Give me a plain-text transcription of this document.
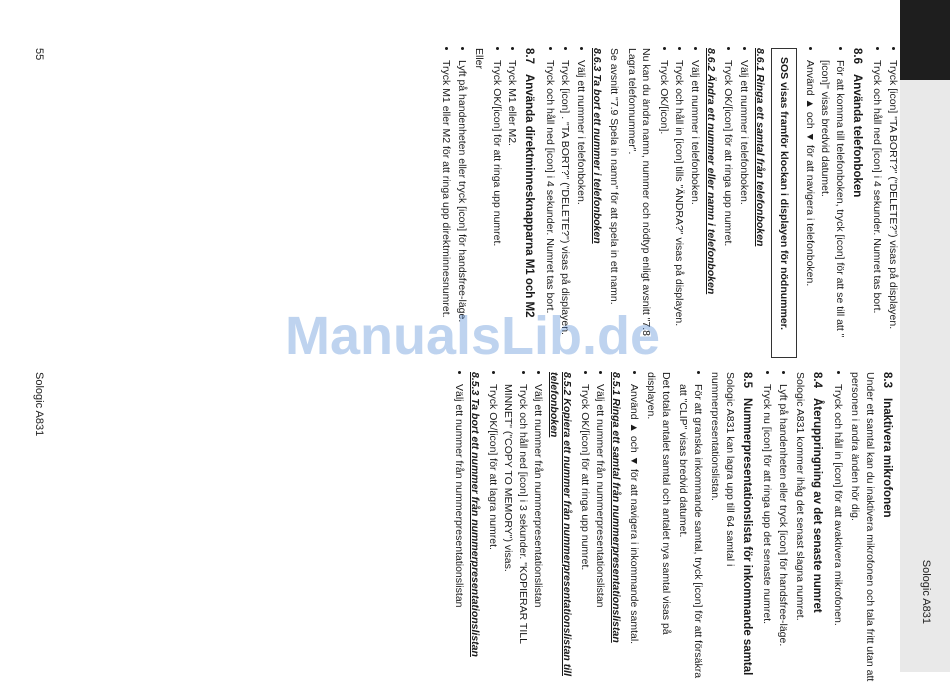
Sologic A831
• Tryck [icon] "TA BORT?" ("DELETE?") visas på displayen.
• Tryck och håll ned [icon] i 4 sekunder. Numret tas bort.
8.6Använda telefonboken
• För att komma till telefonboken, tryck [icon] för att se till att "[icon]" visas bredvid datumet.
• Använd ▲ och ▼ för att navigera i telefonboken.
SOS visas framför klockan i displayen för nödnummer.
8.6.1 Ringa ett samtal från telefonboken
• Välj ett nummer i telefonboken.
• Tryck OK/[icon] för att ringa upp numret.
8.6.2 Ändra ett nummer eller namn i telefonboken
• Välj ett nummer i telefonboken.
• Tryck och håll in [icon] tills "ÄNDRA?" visas på displayen.
• Tryck OK/[icon].

Nu kan du ändra namn, nummer och nödtyp enligt avsnitt "7.8 Lagra telefonnummer".

Se avsnitt "7.9 Spela in namn" för att spela in ett namn.

8.6.3 Ta bort ett nummer i telefonboken
• Välj ett nummer i telefonboken.
• Tryck [icon] . "TA BORT?" ("DELETE?") visas på displayen.
• Tryck och håll ned [icon] i 4 sekunder. Numret tas bort.
8.7Använda direktminnesknapparna M1 och M2
• Tryck M1 eller M2.
• Tryck OK/[icon] för att ringa upp numret.

Eller

• Lyft på handenheten eller tryck [icon] för handsfree-läge.
• Tryck M1 eller M2 för att ringa upp direktminnesnumret.
8.3Inaktivera mikrofonen

Under ett samtal kan du inaktivera mikrofonen och tala fritt utan att personen i andra änden hör dig.

• Tryck och håll in [icon] för att avaktivera mikrofonen.
8.4Återuppringning av det senaste numret

Sologic A831 kommer ihåg det senast slagna numret.

• Lyft på handenheten eller tryck [icon] för handsfree-läge.
• Tryck nu [icon] för att ringa upp det senaste numret.
8.5Nummerpresentationslista för inkommande samtal

Sologic A831 kan lagra upp till 64 samtal i nummerpresentationslistan.

• För att granska inkommande samtal, tryck [icon] för att försäkra att "CLIP" visas bredvid datumet.

Det totala antalet samtal och antalet nya samtal visas på displayen.

• Använd ▲ och ▼ för att navigera i inkommande samtal.
8.5.1 Ringa ett samtal från nummerpresentationslistan
• Välj ett nummer från nummerpresentationslistan
• Tryck OK/[icon] för att ringa upp numret.
8.5.2 Kopiera ett nummer från nummerpresentationslistan till telefonboken
• Välj ett nummer från nummerpresentationslistan
• Tryck och håll ned [icon] i 3 sekunder. "KOPIERAR TILL MINNET" ("COPY TO MEMORY") visas.
• Tryck OK/[icon] för att lagra numret.
8.5.3 Ta bort ett nummer från nummerpresentationslistan
• Välj ett nummer från nummerpresentationslistan
55
Sologic A831
ManualsLib.de
